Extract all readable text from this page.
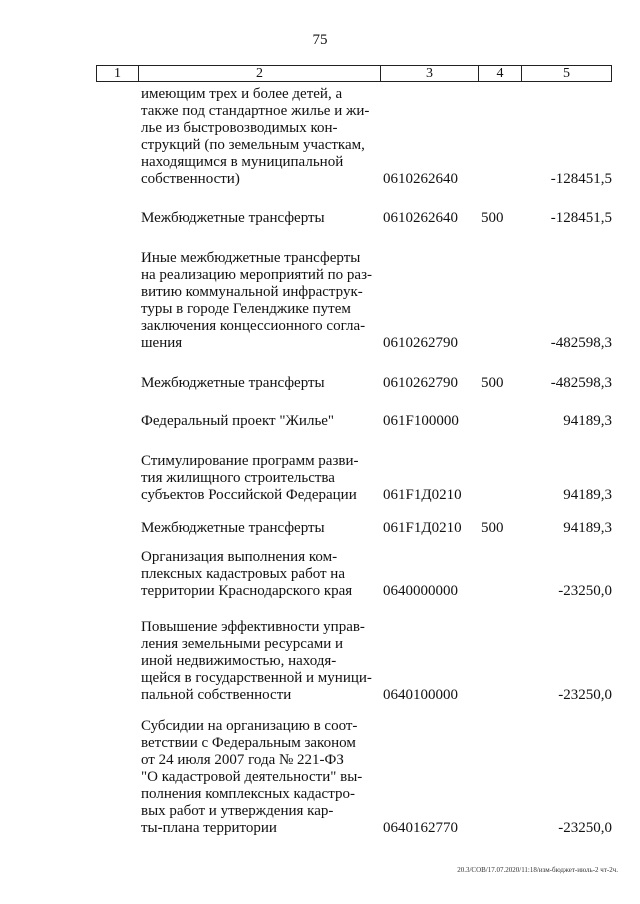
75
1	2	3	4	5
имеющим трех и более детей, а
также под стандартное жилье и жи-
лье из быстровозводимых кон-
струкций (по земельным участкам,
находящимся в муниципальной
собственности)	0610262640	-128451,5
Межбюджетные трансферты	0610262640 500	-128451,5
Иные межбюджетные трансферты
на реализацию мероприятий по раз-
витию коммунальной инфраструк-
туры в городе Геленджике путем
заключения концессионного согла-
шения	0610262790	-482598,3
Межбюджетные трансферты	0610262790 500	-482598,3
Федеральный проект "Жилье"	061F100000	94189,3
Стимулирование программ разви-
тия жилищного строительства
субъектов Российской Федерации	061F1Д0210	94189,3
Межбюджетные трансферты	061F1Д0210 500	94189,3
Организация выполнения ком-
плексных кадастровых работ на
территории Краснодарского края	0640000000	-23250,0
Повышение эффективности управ-
ления земельными ресурсами и
иной недвижимостью, находя-
щейся в государственной и муници-
пальной собственности	0640100000	-23250,0
Субсидии на организацию в соот-
ветствии с Федеральным законом
от 24 июля 2007 года № 221-ФЗ
"О кадастровой деятельности" вы-
полнения комплексных кадастро-
вых работ и утверждения кар-
ты-плана территории	0640162770	-23250,0
20.3/СОВ/17.07.2020/11:18/изм-бюджет-июль-2 чт-2ч.
